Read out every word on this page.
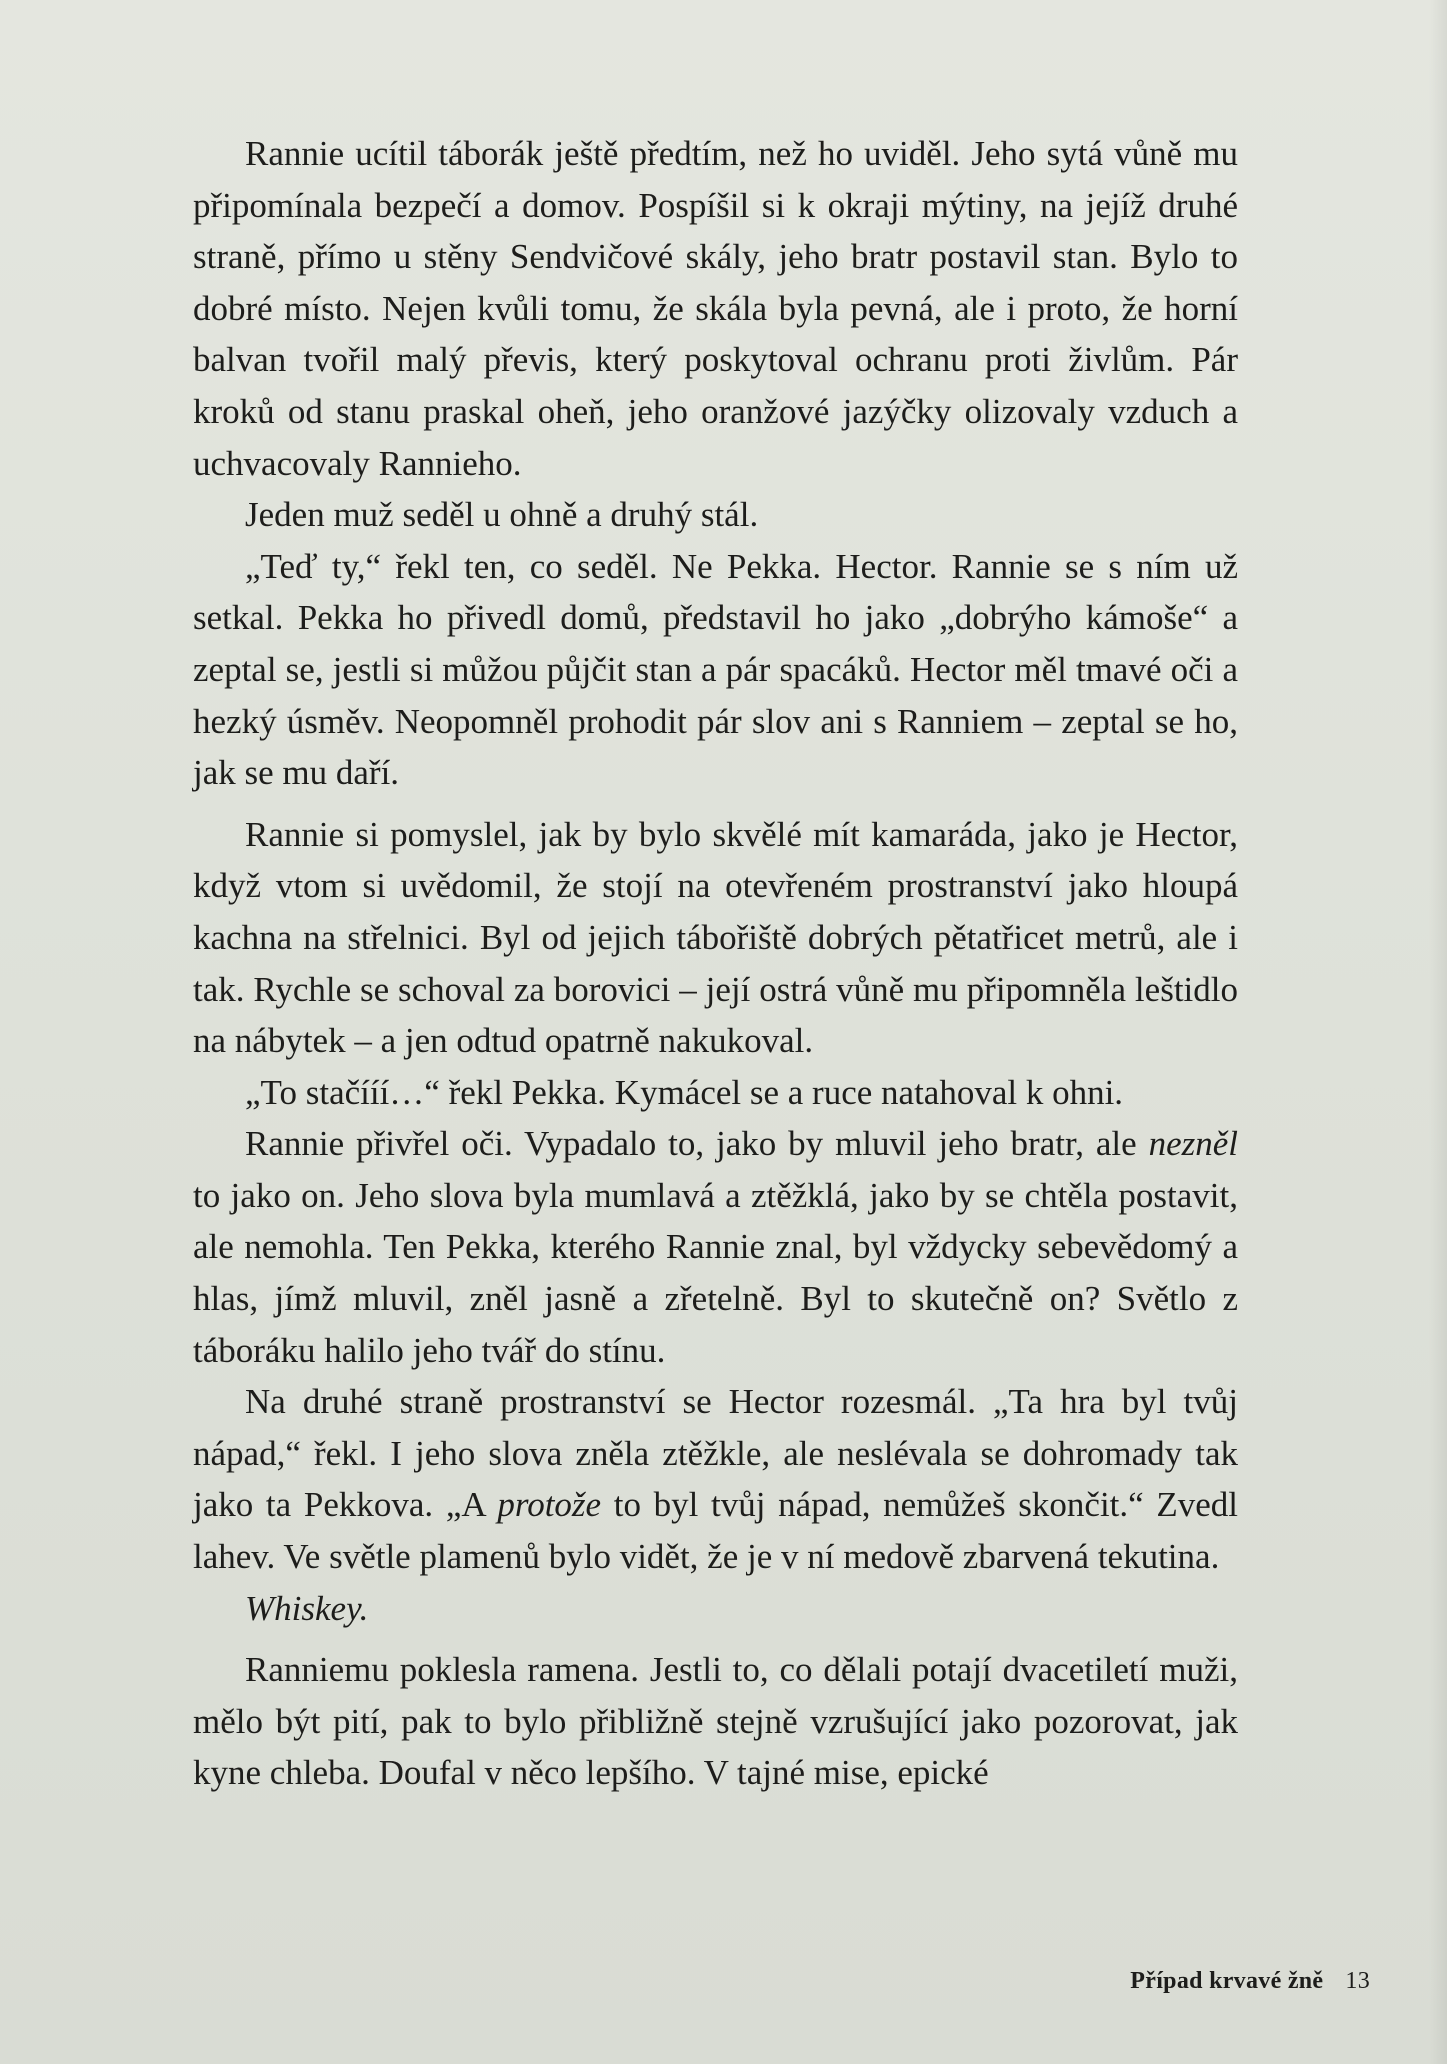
Rannie ucítil táborák ještě předtím, než ho uviděl. Jeho sytá vůně mu připomínala bezpečí a domov. Pospíšil si k okraji mýtiny, na jejíž druhé straně, přímo u stěny Sendvičové skály, jeho bratr postavil stan. Bylo to dobré místo. Nejen kvůli tomu, že skála byla pevná, ale i proto, že horní balvan tvořil malý převis, který poskytoval ochranu proti živlům. Pár kroků od stanu praskal oheň, jeho oranžové jazýčky olizovaly vzduch a uchvacovaly Rannieho.

Jeden muž seděl u ohně a druhý stál.

„Teď ty,“ řekl ten, co seděl. Ne Pekka. Hector. Rannie se s ním už setkal. Pekka ho přivedl domů, představil ho jako „dobrýho kámoše“ a zeptal se, jestli si můžou půjčit stan a pár spacáků. Hector měl tmavé oči a hezký úsměv. Neopomněl prohodit pár slov ani s Ranniem – zeptal se ho, jak se mu daří.

Rannie si pomyslel, jak by bylo skvělé mít kamaráda, jako je Hector, když vtom si uvědomil, že stojí na otevřeném prostranství jako hloupá kachna na střelnici. Byl od jejich tábořiště dobrých pětatřicet metrů, ale i tak. Rychle se schoval za borovici – její ostrá vůně mu připomněla leštidlo na nábytek – a jen odtud opatrně nakukoval.

„To stačííí…“ řekl Pekka. Kymácel se a ruce natahoval k ohni.

Rannie přivřel oči. Vypadalo to, jako by mluvil jeho bratr, ale nezněl to jako on. Jeho slova byla mumlavá a ztěžklá, jako by se chtěla postavit, ale nemohla. Ten Pekka, kterého Rannie znal, byl vždycky sebevědomý a hlas, jímž mluvil, zněl jasně a zřetelně. Byl to skutečně on? Světlo z táboráku halilo jeho tvář do stínu.

Na druhé straně prostranství se Hector rozesmál. „Ta hra byl tvůj nápad,“ řekl. I jeho slova zněla ztěžkle, ale neslévala se dohromady tak jako ta Pekkova. „A protože to byl tvůj nápad, nemůžeš skončit.“ Zvedl lahev. Ve světle plamenů bylo vidět, že je v ní medově zbarvená tekutina.

Whiskey.

Ranniemu poklesla ramena. Jestli to, co dělali potají dvacetiletí muži, mělo být pití, pak to bylo přibližně stejně vzrušující jako pozorovat, jak kyne chleba. Doufal v něco lepšího. V tajné mise, epické

Případ krvavé žně 13
